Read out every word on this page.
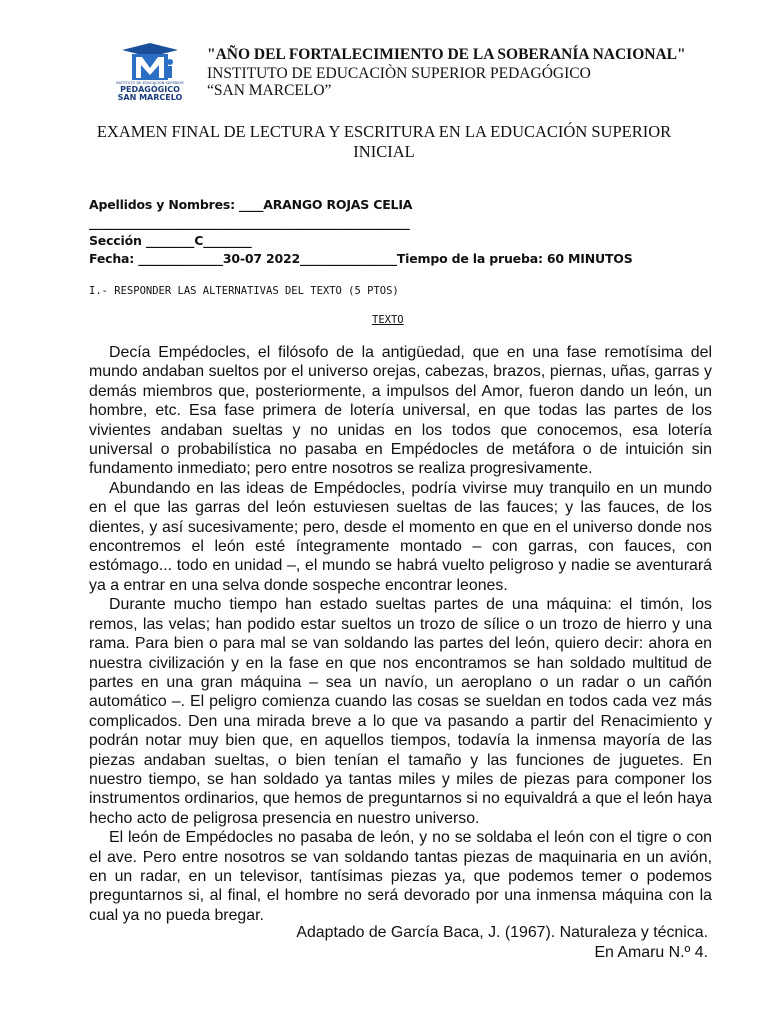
INSTITUTO DE EDUCACIÓN SUPERIOR
PEDAGÓGICO
SAN MARCELO
"AÑO DEL FORTALECIMIENTO DE LA SOBERANÍA NACIONAL"
INSTITUTO DE EDUCACIÒN SUPERIOR PEDAGÓGICO
“SAN MARCELO”
EXAMEN FINAL DE LECTURA Y ESCRITURA EN LA EDUCACIÓN SUPERIOR
INICIAL
Apellidos y Nombres: ____ARANGO ROJAS CELIA
_____________________________________________________
Sección ________C________
Fecha: ______________30-07 2022________________Tiempo de la prueba: 60 MINUTOS
I.- RESPONDER LAS ALTERNATIVAS DEL TEXTO (5 PTOS)
TEXTO

Decía Empédocles, el filósofo de la antigüedad, que en una fase remotísima del mundo andaban sueltos por el universo orejas, cabezas, brazos, piernas, uñas, garras y demás miembros que, posteriormente, a impulsos del Amor, fueron dando un león, un hombre, etc. Esa fase primera de lotería universal, en que todas las partes de los vivientes andaban sueltas y no unidas en los todos que conocemos, esa lotería universal o probabilística no pasaba en Empédocles de metáfora o de intuición sin fundamento inmediato; pero entre nosotros se realiza progresivamente.

Abundando en las ideas de Empédocles, podría vivirse muy tranquilo en un mundo en el que las garras del león estuviesen sueltas de las fauces; y las fauces, de los dientes, y así sucesivamente; pero, desde el momento en que en el universo donde nos encontremos el león esté íntegramente montado – con garras, con fauces, con estómago... todo en unidad –, el mundo se habrá vuelto peligroso y nadie se aventurará ya a entrar en una selva donde sospeche encontrar leones.

Durante mucho tiempo han estado sueltas partes de una máquina: el timón, los remos, las velas; han podido estar sueltos un trozo de sílice o un trozo de hierro y una rama. Para bien o para mal se van soldando las partes del león, quiero decir: ahora en nuestra civilización y en la fase en que nos encontramos se han soldado multitud de partes en una gran máquina – sea un navío, un aeroplano o un radar o un cañón automático –. El peligro comienza cuando las cosas se sueldan en todos cada vez más complicados. Den una mirada breve a lo que va pasando a partir del Renacimiento y podrán notar muy bien que, en aquellos tiempos, todavía la inmensa mayoría de las piezas andaban sueltas, o bien tenían el tamaño y las funciones de juguetes. En nuestro tiempo, se han soldado ya tantas miles y miles de piezas para componer los instrumentos ordinarios, que hemos de preguntarnos si no equivaldrá a que el león haya hecho acto de peligrosa presencia en nuestro universo.

El león de Empédocles no pasaba de león, y no se soldaba el león con el tigre o con el ave. Pero entre nosotros se van soldando tantas piezas de maquinaria en un avión, en un radar, en un televisor, tantísimas piezas ya, que podemos temer o podemos preguntarnos si, al final, el hombre no será devorado por una inmensa máquina con la cual ya no pueda bregar.

Adaptado de García Baca, J. (1967). Naturaleza y técnica.
En Amaru N.º 4.
